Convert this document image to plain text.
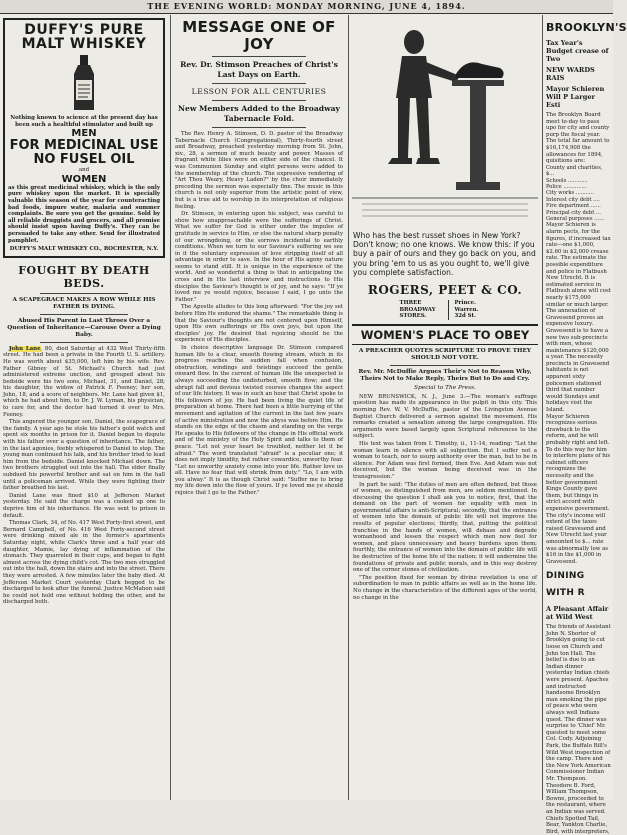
THE EVENING WORLD: MONDAY MORNING, JUNE 4, 1894.
DUFFY'S PURE MALT WHISKEY
Nothing known to science at the present day has been such a healthful stimulator and built up
MEN
FOR MEDICINAL USE
NO FUSEL OIL
and
WOMEN
as this great medicinal whiskey, which is the only pure whiskey upon the market. It is specially valuable this season of the year for counteracting bad foods, impure water, malaria and summer complaints. Be sure you get the genuine. Sold by all reliable druggists and grocers, and all promise should insist upon having Duffy's. They can be persuaded to take any other. Send for illustrated pamphlet.
DUFFY'S MALT WHISKEY CO., ROCHESTER, N.Y.
FOUGHT BY DEATH BEDS.
A SCAPEGRACE MAKES A ROW WHILE HIS FATHER IS DYING.
Abused His Parent in Last Throes Over a Question of Inheritance—Carouse Over a Dying Baby.

John Lane, 80, died Saturday at 432 West Thirty-fifth street. He had been a private in the Fourth U. S. artillery. He was worth about $35,000, left him by his wife. Rev. Father Gibney of St. Michael's Church had just administered extreme unction, and grouped about his bedside were his two sons, Michael, 31, and Daniel, 28; his daughter, the widow of Patrick F. Feeney; her son, John, 18, and a score of neighbors. Mr. Lane had given $1, which he had about him, to Dr. J. W. Lyman, his physician, to care for, and the doctor had turned it over to Mrs. Feeney.

This angered the younger son, Daniel, the scapegrace of the family. A year ago he stole his father's gold watch and spent six months in prison for it. Daniel began to dispute with his father over a question of inheritance. The father, in the last agonies, feebly whispered to Daniel to stop. The young man continued his talk, and his brother tried to lead him from the bedside. Daniel knocked Michael down. The two brothers struggled out into the hall. The elder finally subdued his powerful brother and sat on him in the hall until a policeman arrived. While they were fighting their father breathed his last.

Daniel Lane was fined $10 at Jefferson Market yesterday. He said the charge was a cooked up one to deprive him of his inheritance. He was sent to prison in default.

Thomas Clark, 34, of No. 417 West Forty-first street, and Bernard Campbell, of No. 416 West Forty-second street were drinking mixed ale in the former's apartments Saturday night, while Clark's three and a half year old daughter, Mamie, lay dying of inflammation of the stomach. They quarreled in their cups, and began to fight almost across the dying child's cot. The two men struggled out into the hall, down the stairs and into the street. There they were arrested. A few minutes later the baby died. At Jefferson Market Court yesterday Clark begged to be discharged to look after the funeral. Justice McMahon said he could not hold one without holding the other, and he discharged both.

MESSAGE ONE OF JOY
Rev. Dr. Stimson Preaches of Christ's Last Days on Earth.
LESSON FOR ALL CENTURIES
New Members Added to the Broadway Tabernacle Fold.

The Rev. Henry A. Stimson, D. D. pastor of the Broadway Tabernacle Church (Congregational), Thirty-fourth street and Broadway, preached yesterday morning from St. John, xiv., 28, a sermon of much beauty and power. Masses of fragrant white lilies were on either side of the chancel. It was Communion Sunday and eight persons were added to the membership of the church. The expressive rendering of "Art Thou Weary, Heavy Laden?" by the choir immediately preceding the sermon was especially fine. The music in this church is not only superior from the artistic point of view, but is a true aid to worship in its interpretation of religious feeling.

Dr. Stimson, in entering upon his subject, was careful to show how unapproachable were the sufferings of Christ. What we suffer for God is either under the impulse of gratitude in service to Him, or else the natural sharp penalty of our wrongdoing, or the sorrows incidental to earthly conditions. When we turn to our Saviour's suffering we see in it the voluntary expression of love stripping itself of all advantage in order to save. In the hour of His agony nature seems to stand still. It is unique in the experience of the world. And so wonderful a thing is that in anticipating the cross and in His last interview and instructions to His disciples the Saviour's thought is of joy, and he says: "If ye loved me ye would rejoice, because I said, I go unto the Father."

The Apostle alludes to this long afterward: "For the joy set before Him He endured the shame." The remarkable thing is that the Saviour's thoughts are not centered upon Himself, upon His own sufferings or His own joys, but upon the disciples' joy. He desired that rejoicing should be the experience of His disciples.

In choice descriptive language Dr. Stimson compared human life to a clear, smooth flowing stream, which in its progress reaches the sudden fall when confusion, obstruction, windings and twistings succeed the gentle onward flow. In the current of human life the unexpected is always succeeding the undisturbed, smooth flow; and the abrupt fall and devious twisted courses changes the aspect of our life history. It was in such an hour that Christ spoke to His followers of joy. He had been living the quiet life of preparation at home. There had been a little hurrying of the movement and agitation of the current in the last few years of active ministration and now the abyss was before Him. He stands on the edge of the chasm and standing on the verge He speaks to His followers of the change in His official work and of the ministry of the Holy Spirit and talks to them of peace. "Let not your heart be troubled, neither let it be afraid." The word translated "afraid" is a peculiar one; it does not imply timidity, but rather cowardice, unworthy fear. "Let no unworthy anxiety come into your life. Rather love us all. Have no fear that will shrink from duty." "Lo, I am with you alway." It is as though Christ said: "Suffer me to bring my life down into the flow of yours. If ye loved me ye should rejoice that I go to the Father."

Who has the best russet shoes in New York? Don't know; no one knows. We know this: if you buy a pair of ours and they go back on you, and you bring 'em to us as you ought to, we'll give you complete satisfaction.
ROGERS, PEET & CO.
THREE BROADWAY STORES.
Prince. Warren. 32d St.
WOMEN'S PLACE TO OBEY
A PREACHER QUOTES SCRIPTURE TO PROVE THEY SHOULD NOT VOTE.
Rev. Mr. McDuffie Argues Their's Not to Reason Why, Theirs Not to Make Reply, Theirs But to Do and Cry.
Special to The Press.

NEW BRUNSWICK, N. J., June 3.—The woman's suffrage question has made its appearance in the pulpit in this city. This morning Rev. W. V. McDuffie, pastor of the Livingston Avenue Baptist Church delivered a sermon against the movement. His remarks created a sensation among the large congregation. His arguments were based largely upon Scriptural references to the subject.

His text was taken from I. Timothy, ii., 11-14, reading: "Let the woman learn in silence with all subjection. But I suffer not a woman to teach, nor to usurp authority over the man, but to be in silence. For Adam was first formed, then Eve. And Adam was not deceived, but the woman being deceived was in the transgression."

In part he said: "The duties of men are often defined, but those of women, as distinguished from men, are seldom mentioned. In discussing the question I shall ask you to notice, first, that the demand on the part of women for equality with men in governmental affairs is anti-Scriptural; secondly, that the entrance of women into the domain of public life will not improve the results of popular elections; thirdly, that, putting the political franchise in the hands of women, will debase and degrade womanhood and lessen the respect which men now feel for women, and place unnecessary and heavy burdens upon them; fourthly, the entrance of women into the domain of public life will be destructive of the home life of the nation; it will undermine the foundations of private and public morals, and in this way destroy one of the corner stones of civilization.

"The position fixed for woman by divine revelation is one of subordination to man in public affairs as well as in the home life. No change in the characteristics of the different ages of the world, no change in the

BROOKLYN'S
Tax Year's Budget crease of Two
NEW WARDS RAIS
Mayor Schieren Will P Larger Esti

The Brooklyn Board meet to-day to pass upo for city and county purp the fiscal year. The total far amount to $16,174,908 the allowances for 1894, quisitions are:

County and charities, $...
Schools ............
Police ..............
City works ...........
Interest city debt ....
Fire department ......
Principal city debt ...
General purposes ......

Mayor Schieren is alarm pects, for the figures, if increased tax rate—one $1,000, $2.60 in $2,000 crease rate. The estimate the possible expenditure and police in Flatbush New Utrecht. It is estimated service in Flatbush alone will cost nearly $175,000 similar or much larger.

The annexation of Gravesend proves an expensive luxury. Gravesend is to have a new two sub-precincts with men, whose maintenance $120,000 a year. The necessity precincts in Gravesend habitants is not apparent sixty policemen stationed third that number would Sundays and holidays visit the Island.

Mayor Schieren recognizes serious drawback to the reform, and he will probably right and left. To do this way for him to interfere plans of his cabinet officers recognizes the necessity and the better government Kings County gave them, but things in strict accord with expensive government.

The city's income will extent of the taxes raised Gravesend and New Utrecht last year amounted to $... rate was abnormally low as $16 in the $1,000 in Gravesend.

DINING WITH R
A Pleasant Affair at Wild West

The friends of Assistant John N. Shorter of Brooklyn going to cut loose on Church and John ton Hall. The belief is due to an Indian dinner yesterday Indian chiefs were present. Apaches and instructed handsome Brooklyn man smoking the pipe of peace who were always well Indians quest. The dinner was surprise to 'Chief' Mr. quested to meet some Col. Cody. Adjoining Park, the Buffalo Bill's Wild West inspection of the camp. There and the New York American Commissioner Indian Mr. Thompson. Theodore B. Ford, William Thompson, Bowne, proceeded to the restaurant, where an Indian was served.

Chiefs Spotted Tail, Bear, Yankton Charlie, Bird, with interpreters,
